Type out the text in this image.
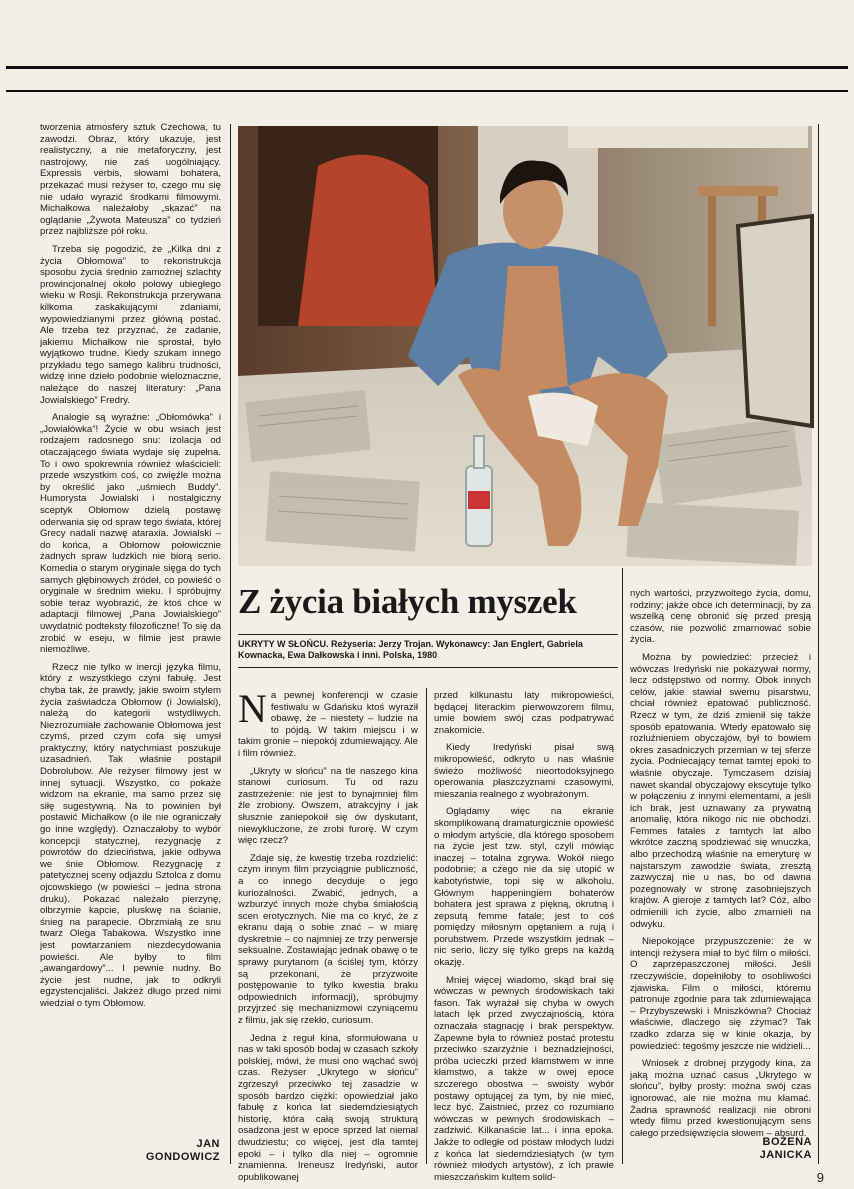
tworzenia atmosfery sztuk Czechowa, tu zawodzi. Obraz, który ukazuje, jest realistyczny, a nie metaforyczny, jest nastrojowy, nie zaś uogólniający. Expressis verbis, słowami bohatera, przekazać musi reżyser to, czego mu się nie udało wyrazić środkami filmowymi. Michałkowa należałoby „skazać” na oglądanie „Żywota Mateusza” co tydzień przez najbliższe pół roku.

Trzeba się pogodzić, że „Kilka dni z życia Obłomowa” to rekonstrukcja sposobu życia średnio zamożnej szlachty prowincjonalnej około połowy ubiegłego wieku w Rosji. Rekonstrukcja przerywana kilkoma zaskakującymi zdaniami, wypowiedzianymi przez główną postać. Ale trzeba też przyznać, że zadanie, jakiemu Michałkow nie sprostał, było wyjątkowo trudne. Kiedy szukam innego przykładu tego samego kalibru trudności, widzę inne dzieło podobnie wieloznaczne, należące do naszej literatury: „Pana Jowialskiego” Fredry.

Analogie są wyraźne: „Obłomówka” i „Jowiałówka”! Życie w obu wsiach jest rodzajem radosnego snu: izolacja od otaczającego świata wydaje się zupełna. To i owo spokrewnia również właścicieli: przede wszystkim coś, co zwięźle można by określić jako „uśmiech Buddy”. Humorysta Jowialski i nostalgiczny sceptyk Obłomow dzielą postawę oderwania się od spraw tego świata, której Grecy nadali nazwę ataraxia. Jowialski – do końca, a Obłomow połowicznie żadnych spraw ludzkich nie biorą serio. Komedia o starym oryginale sięga do tych samych głębinowych źródeł, co powieść o oryginale w średnim wieku. I spróbujmy sobie teraz wyobrazić, że ktoś chce w adaptacji filmowej „Pana Jowialskiego” uwydatnić podteksty filozoficzne! To się da zrobić w eseju, w filmie jest prawie niemożliwe.

Rzecz nie tylko w inercji języka filmu, który z wszystkiego czyni fabułę. Jest chyba tak, że prawdy, jakie swoim stylem życia zaświadcza Obłomow (i Jowialski), należą do kategorii wstydliwych. Niezrozumiałe zachowanie Obłomowa jest czymś, przed czym cofa się umysł praktyczny, który natychmiast poszukuje uzasadnień. Tak właśnie postąpił Dobrolubow. Ale reżyser filmowy jest w innej sytuacji. Wszystko, co pokaże widzom na ekranie, ma samo przez się siłę sugestywną. Na to powinien był postawić Michałkow (o ile nie ograniczały go inne względy). Oznaczałoby to wybór koncepcji statycznej, rezygnację z powrotów do dzieciństwa, jakie odbywa we śnie Obłomow. Rezygnację z patetycznej sceny odjazdu Sztolca z domu ojcowskiego (w powieści – jedna strona druku). Pokazać należało pierzynę, olbrzymie kapcie, pluskwę na ścianie, śnieg na parapecie. Obrzmiałą ze snu twarz Olega Tabakowa. Wszystko inne jest powtarzaniem niezdecydowania powieści. Ale byłby to film „awangardowy”... I pewnie nudny. Bo życie jest nudne, jak to odkryli egzystencjaliści. Jakżeż długo przed nimi wiedział o tym Obłomow.

JAN
GONDOWICZ
Z życia białych myszek
UKRYTY W SŁOŃCU. Reżyseria: Jerzy Trojan. Wykonawcy: Jan Englert, Gabriela Kownacka, Ewa Dałkowska i inni. Polska, 1980

Na pewnej konferencji w czasie festiwalu w Gdańsku ktoś wyraził obawę, że – niestety – ludzie na to pójdą. W takim miejscu i w takim gronie – niepokój zdumiewający. Ale i film również.

„Ukryty w słońcu” na tle naszego kina stanowi curiosum. Tu od razu zastrzeżenie: nie jest to bynajmniej film źle zrobiony. Owszem, atrakcyjny i jak słusznie zaniepokoił się ów dyskutant, niewykluczone, że zrobi furorę. W czym więc rzecz?

Zdaje się, że kwestię trzeba rozdzielić: czym innym film przyciągnie publiczność, a co innego decyduje o jego kuriozalności. Zwabić, jednych, a wzburzyć innych może chyba śmiałością scen erotycznych. Nie ma co kryć, że z ekranu dają o sobie znać – w miarę dyskretnie – co najmniej ze trzy perwersje seksualne. Zostawiając jednak obawę o te sprawy purytanom (a ściślej tym, którzy są przekonani, że przyzwoite postępowanie to tylko kwestia braku odpowiednich informacji), spróbujmy przyjrzeć się mechanizmowi czyniącemu z filmu, jak się rzekło, curiosum.

Jedna z reguł kina, sformułowana u nas w taki sposób bodaj w czasach szkoły polskiej, mówi, że musi ono wąchać swój czas. Reżyser „Ukrytego w słońcu” zgrzeszył przeciwko tej zasadzie w sposób bardzo ciężki: opowiedział jako fabułę z końca lat siedemdziesiątych historię, która całą swoją strukturą osadzona jest w epoce sprzed lat niemal dwudziestu; co więcej, jest dla tamtej epoki – i tylko dla niej – ogromnie znamienna. Ireneusz Iredyński, autor opublikowanej

przed kilkunastu laty mikropowieści, będącej literackim pierwowzorem filmu, umie bowiem swój czas podpatrywać znakomicie.

Kiedy Iredyński pisał swą mikropowieść, odkryto u nas właśnie świeżo możliwość nieortodoksyjnego operowania płaszczyznami czasowymi, mieszania realnego z wyobrażonym.

Oglądamy więc na ekranie skomplikowaną dramaturgicznie opowieść o młodym artyście, dla którego sposobem na życie jest tzw. styl, czyli mówiąc inaczej – totalna zgrywa. Wokół niego podobnie; a czego nie da się utopić w kabotyństwie, topi się w alkoholu. Głównym happeningiem bohaterów bohatera jest sprawa z piękną, okrutną i zepsutą femme fatale; jest to coś pomiędzy miłosnym opętaniem a rują i porubstwem. Przede wszystkim jednak – nic serio, liczy się tylko greps na każdą okazję.

Mniej więcej wiadomo, skąd brał się wówczas w pewnych środowiskach taki fason. Tak wyrażał się chyba w owych latach lęk przed zwyczajnością, która oznaczała stagnację i brak perspektyw. Zapewne była to również postać protestu przeciwko szarzyźnie i beznadziejności, próba ucieczki przed kłamstwem w inne kłamstwo, a także w owej epoce szczerego obostwa – swoisty wybór postawy optującej za tym, by nie mieć, lecz być. Zaistnieć, przez co rozumiano wówczas w pewnych środowiskach – zadziwić. Kilkanaście lat... i inna epoka. Jakże to odległe od postaw młodych ludzi z końca lat siedemdziesiątych (w tym również młodych artystów), z ich prawie mieszczańskim kultem solid-

nych wartości, przyzwoitego życia, domu, rodziny; jakże obce ich determinacji, by za wszelką cenę obronić się przed presją czasów, nie pozwolić zmarnować sobie życia.

Można by powiedzieć: przecież i wówczas Iredyński nie pokazywał normy, lecz odstępstwo od normy. Obok innych celów, jakie stawiał swemu pisarstwu, chciał również epatować publiczność. Rzecz w tym, że dziś zmienił się także sposób epatowania. Wtedy epatowało się rozluźnieniem obyczajów, był to bowiem okres zasadniczych przemian w tej sferze życia. Podniecający temat tamtej epoki to właśnie obyczaje. Tymczasem dzisiaj nawet skandal obyczajowy ekscytuje tylko w połączeniu z innymi elementami, a jeśli ich brak, jest uznawany za prywatną anomalię, która nikogo nic nie obchodzi. Femmes fatales z tamtych lat albo wkrótce zaczną spodziewać się wnuczka, albo przechodzą właśnie na emeryturę w najstarszym zawodzie świata, zresztą zazwyczaj nie u nas, bo od dawna pozegnowały w stronę zasobniejszych krajów. A gieroje z tamtych lat? Cóż, albo odmienili ich życie, albo zmarnieli na odwyku.

Niepokojące przypuszczenie: że w intencji reżysera miał to być film o miłości. O zaprzepaszczonej miłości. Jeśli rzeczywiście, dopełniłoby to osobliwości zjawiska. Film o miłości, któremu patronuje zgodnie para tak zdumiewająca – Przybyszewski i Mniszkówna? Chociaż właściwie, dlaczego się zżymać? Tak rzadko zdarza się w kinie okazja, by powiedzieć: tegośmy jeszcze nie widzieli...

Wniosek z drobnej przygody kina, za jaką można uznać casus „Ukrytego w słońcu”, byłby prosty: można swój czas ignorować, ale nie można mu kłamać. Żadna sprawność realizacji nie obroni wtedy filmu przed kwestionującym sens całego przedsięwzięcia słowem – absurd.

BOŻENA
JANICKA
9
